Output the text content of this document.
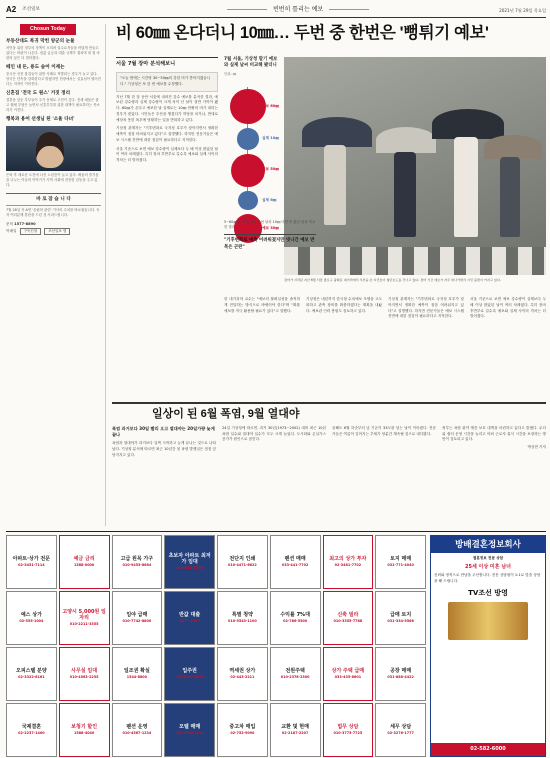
A2 조선일보	빈번히 틀리는 예보	2021년 7월 29일 목요일
Chosun Today
부동산대도 복귀 막힌 양군의 눈물
서민을 위한 정부의 정책이 오히려 실수요자들을 어렵게 만들고 있다는 비판이 나온다. 집값 급등과 대출 규제가 겹치며 내 집 마련의 꿈은 더 멀어졌다.
떼인 내 돈, 용도 숨어 이제는
중국산 신종 물질들이 위반 사례로 적발되는 경우가 늘고 있다. 당국은 단속을 강화한다고 밝혔지만 현장에서는 실효성이 떨어진다는 지적이 이어진다.
신혼집 '전국 도 원스' 거짓 정리
결혼을 앞둔 부부들이 주거 문제로 고민이 깊다. 전세 매물은 줄고 월세 부담은 늘면서 신혼부부를 위한 대책이 필요하다는 목소리가 커진다.
행복과 용어 선생님 된 '소울 다녀'
은퇴 후 새로운 도전에 나선 노년층이 늘고 있다. 배움의 즐거움을 나누는 이들의 이야기가 지역 사회에 잔잔한 감동을 주고 있다.
바 로 잡 습 니 다
7월 28일 자 A면 '올림픽 관련' 기사의 수치를 바로잡습니다. 독자 여러분께 혼란을 드린 점 사과드립니다.
문의 1577-8890
이메일 구독신청	조선일보 앱
비 60㎜ 온다더니 10㎜… 두번 중 한번은 '뻥튀기 예보'
서울 7월 장마 분석해보니
"오늘 밤에는 시간당 30~50㎜의 강한 비가 쏟아지겠습니다." 기상청은 또 한 번 예보를 수정했다.
지난 7월 한 달 동안 서울에 내려진 강수 예보를 분석한 결과, 예보된 강수량과 실제 강수량이 크게 차이 난 날이 절반 가까이 됐다. 60㎜가 온다고 예보한 날 실제로는 10㎜ 안팎의 비가 내리는 경우가 잦았다. 시민들은 우산을 챙겼다가 허탕을 치거나, 반대로 예상치 못한 폭우에 당황하는 일을 반복하고 있다.
기상청 관계자는 "기후변화로 국지성 호우가 잦아지면서 정확한 예측이 점점 어려워지고 있다"고 설명했다. 하지만 전문가들은 예보 시스템 전반에 대한 점검이 필요하다고 지적한다.
서울 기준으로 보면 예보 강수량이 실제보다 두 배 이상 많았던 날이 여러 차례였다. 특히 장마 후반부로 갈수록 예보와 실제 사이의 격차는 더 벌어졌다.
7월 서울, 기상청 말기 예보와 실제 날씨 비교해 봤더니
단위: ㎜
예보 60㎜
실제 10㎜
예보 50㎜
실제 6㎜
예보 30㎜
장마가 시작된 지난 6월 서울 종로구 광화문 네거리에서 우산을 쓴 시민들이 횡단보도를 건너고 있다. 장마 기간 예보가 자주 빗나가면서 시민 불편이 커지고 있다.
5~60㎜ 등 예보 범위 나뉜 날과 10㎜ 미만 비 왔던 날을 비교한 결과
"기후변화로 예측 어려워졌지만 빗나간 예보 반복은 곤란"
한 대기과학 교수는 "예보의 불확실성을 솔직하게 전달하는 방식으로 바뀌어야 한다"며 "확률 예보를 적극 활용할 필요가 있다"고 말했다.
기상청은 내년까지 한국형 수치예보 모델을 고도화하고 관측 장비를 확충하겠다는 계획을 내놨다. 예보관 인력 충원도 검토하고 있다.
기상청 관계자는 "기후변화로 국지성 호우가 잦아지면서 정확한 예측이 점점 어려워지고 있다"고 설명했다. 하지만 전문가들은 예보 시스템 전반에 대한 점검이 필요하다고 지적한다.
서울 기준으로 보면 예보 강수량이 실제보다 두 배 이상 많았던 날이 여러 차례였다. 특히 장마 후반부로 갈수록 예보와 실제 사이의 격차는 더 벌어졌다.
일상이 된 6월 폭염, 9월 열대야
폭염 과거보다 30일 빨리 오고 열대야는 20일가량 늦게 끝나
폭염과 열대야가 과거보다 일찍 시작하고 늦게 끝나는 것으로 나타났다. 기상청 분석에 따르면 최근 10년간 첫 폭염 발생일은 점점 앞당겨지고 있다.
24일 기상청에 따르면, 과거 30년(1973~2002) 대비 최근 10년 폭염 일수와 열대야 일수가 모두 크게 늘었다. 도시화와 온실가스 증가가 원인으로 꼽힌다.
올해도 6월 하순부터 낮 기온이 33도를 넘는 날이 이어졌다. 전문가들은 여름이 길어지는 추세가 당분간 계속될 것으로 내다봤다.
정부는 폭염 취약 계층 보호 대책을 마련하고 있다고 밝혔다. 무더위 쉼터 운영 시간을 늘리고 야외 근로자 휴식 시간을 보장하는 방안이 검토되고 있다.
박상현 기자
아파트·상가 전문
02-3451-7114
예금 금리
1588-0000
고급 원목 가구
010-9453-8684
초보자 아파트 최저가 임대
02-2651-7708
전단지 인쇄
010-4471-6622
펜션 매매
033-441-7702
최고의 상가 투자
02-3481-7702
토지 매매
031-771-4040
예스 상가
02-555-1004
고양시 5,000원 일자리
010-2211-3355
임야 급매
010-7742-8800
반값 대출
1577-2230
특별 청약
010-5543-1100
수익률 7%대
02-786-5500
신축 빌라
010-3355-7788
급매 토지
031-334-5566
오피스텔 분양
02-3322-6161
사무실 임대
010-4563-2255
일조권 확실
1544-8800
입주권
010-8392-4578
역세권 상가
02-443-2211
전원주택
010-2378-2300
상가 주택 급매
033-435-8601
공장 매매
031-888-4422
국제결혼
02-2237-1400
보청기 할인
1588-4040
펜션 운영
010-4567-1234
모텔 매매
010-3399-1212
중고차 매입
02-752-9090
교환 및 현매
02-2187-2207
법무 상담
010-3773-7725
세무 상담
02-3276-1777
방배결혼정보회사
결혼정보 전문 상담
25세 이상 미혼 남녀
신뢰와 정직으로 만남을 주선합니다. 전문 상담원이 1:1로 맞춤 상담을 해 드립니다.
TV조선 방영
02-582-6000
